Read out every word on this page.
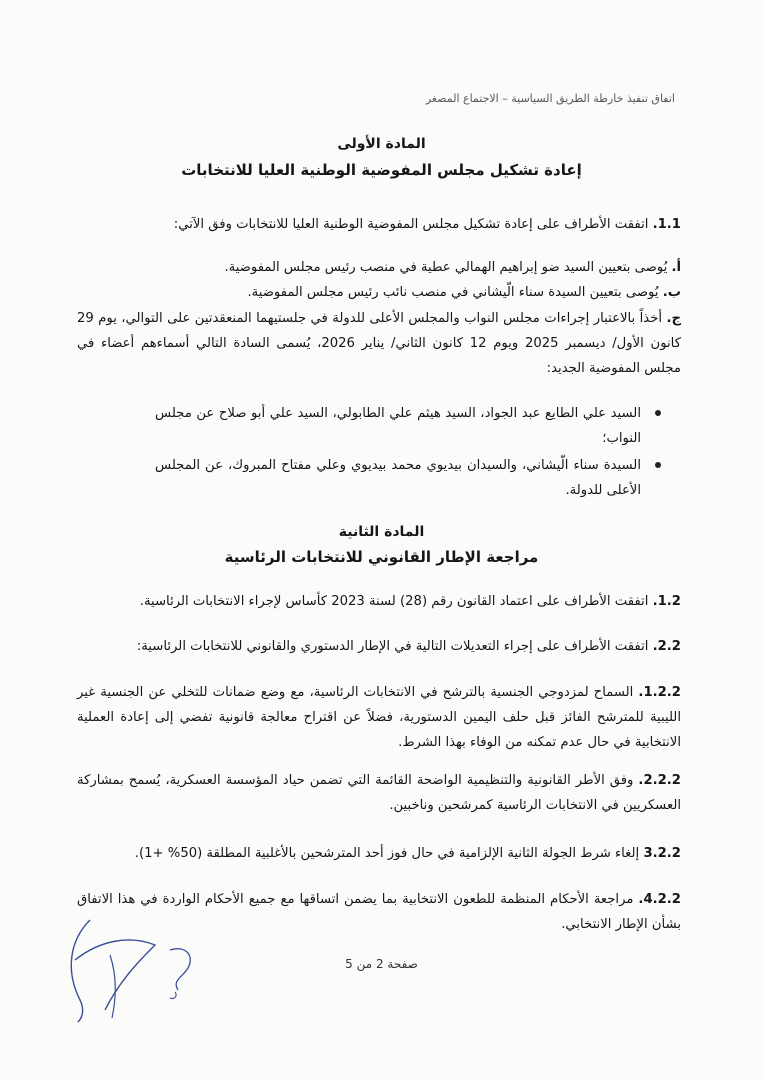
اتفاق تنفيذ خارطة الطريق السياسية – الاجتماع المصغر
المادة الأولى
إعادة تشكيل مجلس المفوضية الوطنية العليا للانتخابات
1.1. اتفقت الأطراف على إعادة تشكيل مجلس المفوضية الوطنية العليا للانتخابات وفق الآتي:
أ. يُوصى بتعيين السيد ضو إبراهيم الهمالي عطية في منصب رئيس مجلس المفوضية.
ب. يُوصى بتعيين السيدة سناء الّيشاني في منصب نائب رئيس مجلس المفوضية.
ج. أخذاً بالاعتبار إجراءات مجلس النواب والمجلس الأعلى للدولة في جلستيهما المنعقدتين على التوالي، يوم 29 كانون الأول/ ديسمبر 2025 ويوم 12 كانون الثاني/ يناير 2026، يُسمى السادة التالي أسماءهم أعضاء في مجلس المفوضية الجديد:
السيد علي الطايع عبد الجواد، السيد هيثم علي الطابولي، السيد علي أبو صلاح عن مجلس النواب؛
السيدة سناء الّيشاني، والسيدان بيديوي محمد بيديوي وعلي مفتاح المبروك، عن المجلس الأعلى للدولة.
المادة الثانية
مراجعة الإطار القانوني للانتخابات الرئاسية
1.2. اتفقت الأطراف على اعتماد القانون رقم (28) لسنة 2023 كأساس لإجراء الانتخابات الرئاسية.
2.2. اتفقت الأطراف على إجراء التعديلات التالية في الإطار الدستوري والقانوني للانتخابات الرئاسية:
1.2.2. السماح لمزدوجي الجنسية بالترشح في الانتخابات الرئاسية، مع وضع ضمانات للتخلي عن الجنسية غير الليبية للمترشح الفائز قبل حلف اليمين الدستورية، فضلاً عن اقتراح معالجة قانونية تفضي إلى إعادة العملية الانتخابية في حال عدم تمكنه من الوفاء بهذا الشرط.
2.2.2. وفق الأطر القانونية والتنظيمية الواضحة القائمة التي تضمن حياد المؤسسة العسكرية، يُسمح بمشاركة العسكريين في الانتخابات الرئاسية كمرشحين وناخبين.
3.2.2 إلغاء شرط الجولة الثانية الإلزامية في حال فوز أحد المترشحين بالأغلبية المطلقة (50% +1).
4.2.2. مراجعة الأحكام المنظمة للطعون الانتخابية بما يضمن اتساقها مع جميع الأحكام الواردة في هذا الاتفاق بشأن الإطار الانتخابي.
صفحة 2 من 5
